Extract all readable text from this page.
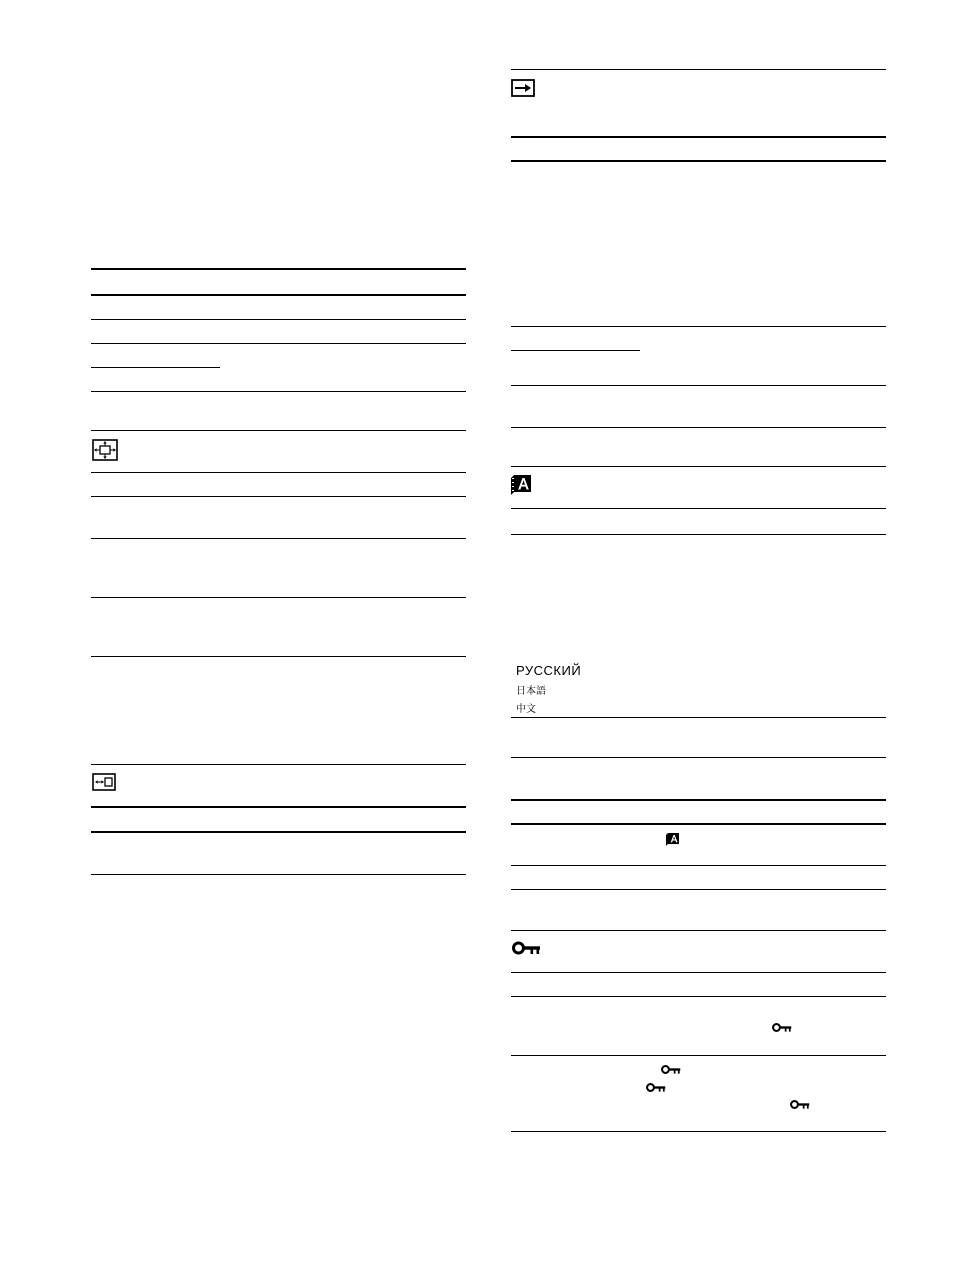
РУССКИЙ
日本語
中文
